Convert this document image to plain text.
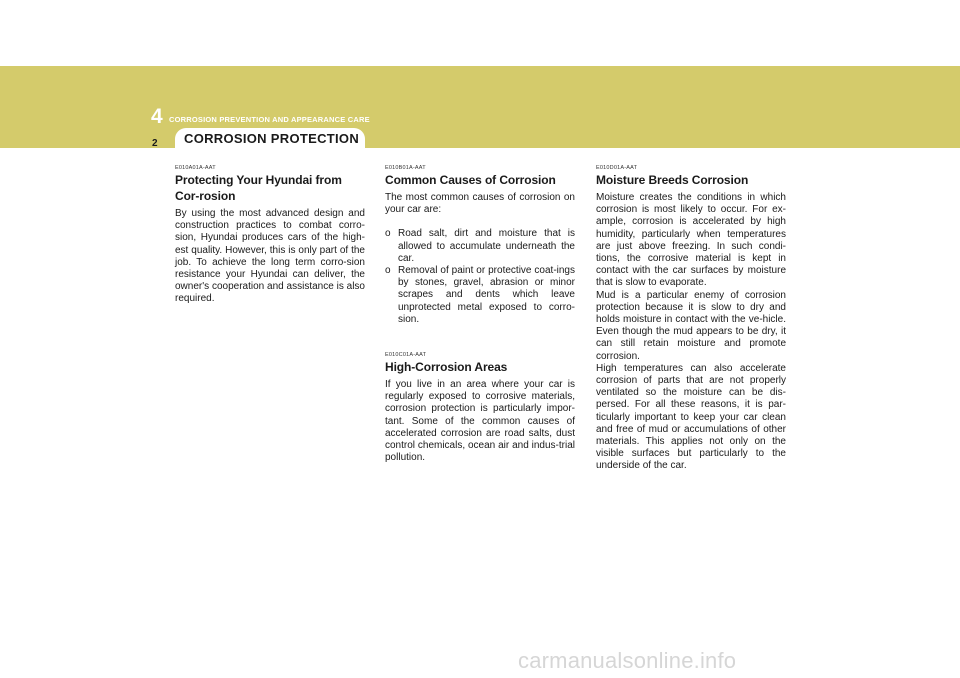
4 CORROSION PREVENTION AND APPEARANCE CARE
2 CORROSION PROTECTION

E010A01A-AAT

Protecting Your Hyundai from Cor-rosion

By using the most advanced design and construction practices to combat corro-sion, Hyundai produces cars of the high-est quality. However, this is only part of the job. To achieve the long term corro-sion resistance your Hyundai can deliver, the owner's cooperation and assistance is also required.

E010B01A-AAT

Common Causes of Corrosion

The most common causes of corrosion on your car are:

o Road salt, dirt and moisture that is allowed to accumulate underneath the car.
o Removal of paint or protective coat-ings by stones, gravel, abrasion or minor scrapes and dents which leave unprotected metal exposed to corro-sion.

E010C01A-AAT

High-Corrosion Areas

If you live in an area where your car is regularly exposed to corrosive materials, corrosion protection is particularly impor-tant. Some of the common causes of accelerated corrosion are road salts, dust control chemicals, ocean air and indus-trial pollution.

E010D01A-AAT

Moisture Breeds Corrosion

Moisture creates the conditions in which corrosion is most likely to occur. For ex-ample, corrosion is accelerated by high humidity, particularly when temperatures are just above freezing. In such condi-tions, the corrosive material is kept in contact with the car surfaces by moisture that is slow to evaporate.

Mud is a particular enemy of corrosion protection because it is slow to dry and holds moisture in contact with the ve-hicle. Even though the mud appears to be dry, it can still retain moisture and promote corrosion.

High temperatures can also accelerate corrosion of parts that are not properly ventilated so the moisture can be dis-persed. For all these reasons, it is par-ticularly important to keep your car clean and free of mud or accumulations of other materials. This applies not only on the visible surfaces but particularly to the underside of the car.

carmanualsonline.info
